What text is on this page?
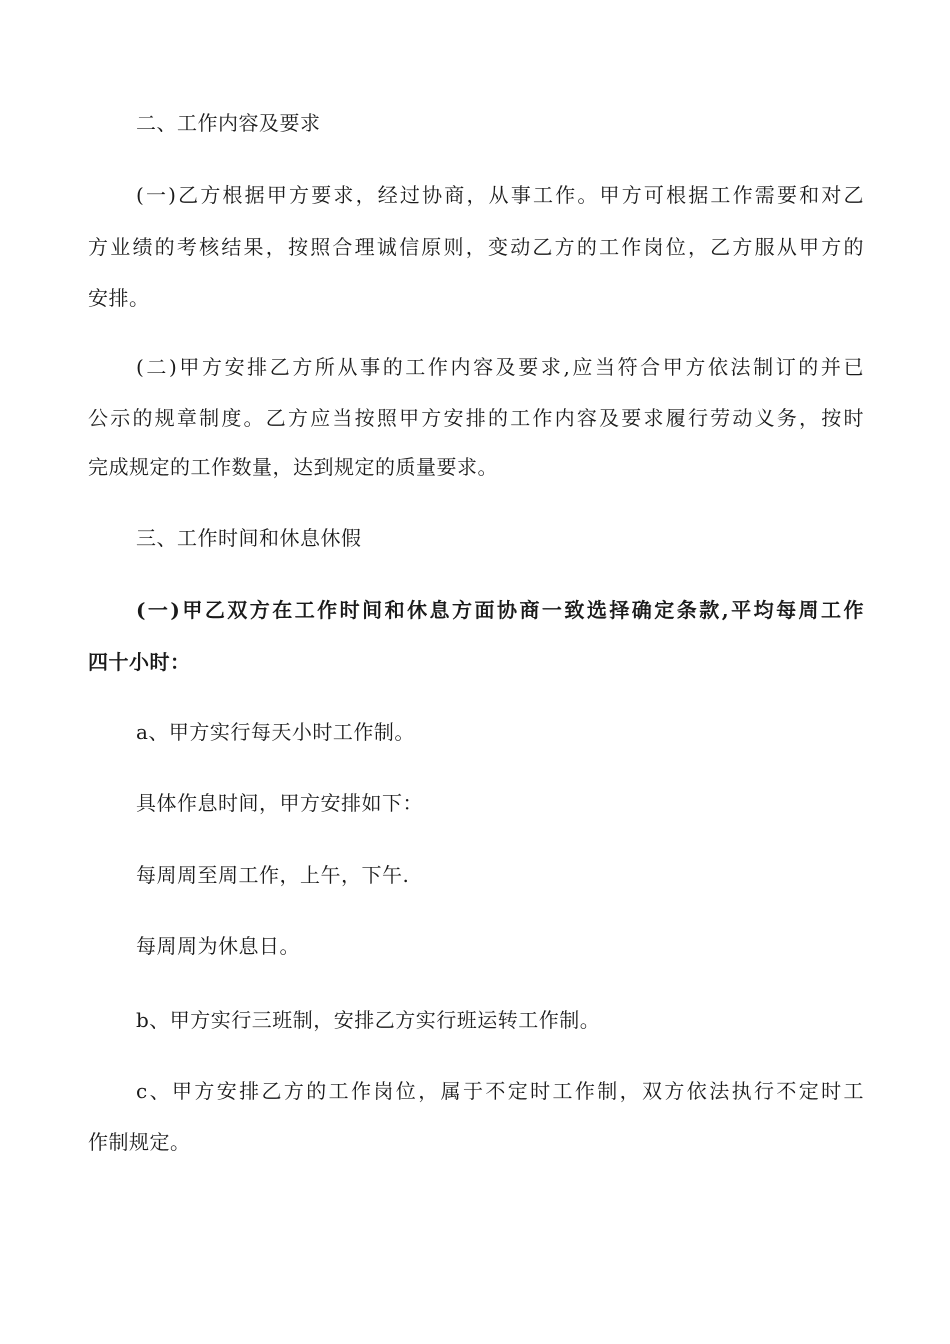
二、工作内容及要求
(一)乙方根据甲方要求，经过协商，从事工作。甲方可根据工作需要和对乙
方业绩的考核结果，按照合理诚信原则，变动乙方的工作岗位，乙方服从甲方的
安排。
(二)甲方安排乙方所从事的工作内容及要求,应当符合甲方依法制订的并已
公示的规章制度。乙方应当按照甲方安排的工作内容及要求履行劳动义务，按时
完成规定的工作数量，达到规定的质量要求。
三、工作时间和休息休假
(一)甲乙双方在工作时间和休息方面协商一致选择确定条款,平均每周工作
四十小时：
a、甲方实行每天小时工作制。
具体作息时间，甲方安排如下：
每周周至周工作，上午，下午.
每周周为休息日。
b、甲方实行三班制，安排乙方实行班运转工作制。
c、甲方安排乙方的工作岗位，属于不定时工作制，双方依法执行不定时工
作制规定。
